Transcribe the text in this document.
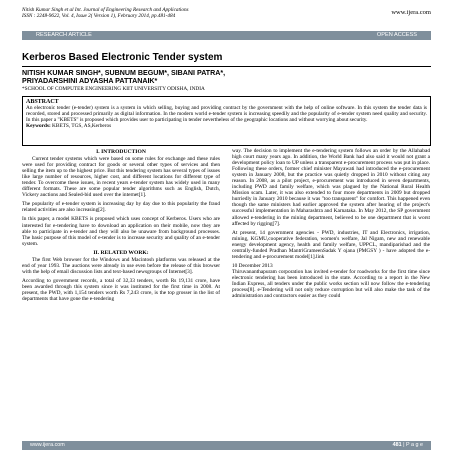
Nitish Kumar Singh et al Int. Journal of Engineering Research and Applications
ISSN : 2248-9622, Vol. 4, Issue 2( Version 1), February 2014, pp.481-484
www.ijera.com
RESEARCH ARTICLE	OPEN ACCESS
Kerberos Based Electronic Tender system
NITISH KUMAR SINGH*, SUBNUM BEGUM*, SIBANI PATRA*,
PRIYADARSHINI ADYASHA PATTANAIK*
*SCHOOL OF COMPUTER ENGINEERING KIIT UNIVERSITY ODISHA, INDIA
ABSTRACT
An electronic tender (e-tender) system is a system in which selling, buying and providing contract by the government with the help of online software. In this system the tender data is recorded, stored and processed primarily as digital information. In the modern world e-tender system is increasing speedily and the popularity of e-tender system need quality and security. In this paper a "KBETS" is proposed which provides user to participating in tender nevertheless of the geographic locations and without worrying about security.
Keywords: KBETS, TGS, AS,Kerberos
I. INTRODUCTION

Current tender systems which were based on some rules for exchange and these rules were used for providing contract for goods or several other types of services and then selling the item up to the highest price. But this tendering system has several types of issues like large number of resources, higher cost, and different locations for different type of tender. To overcome these issues, in recent years e-tender system has widely used in many different formats. These are some popular tender algorithms such as English, Dutch, Vickery auctions and Sealed-bid used over the internet[1].

The popularity of e-tender system is increasing day by day due to this popularity the fraud related activities are also increasing[2].

In this paper, a model KBETS is proposed which uses concept of Kerberos. Users who are interested for e-tendering have to download an application on their mobile, now they are able to participate in e-tender and they will also be unaware from background processes. The basic purpose of this model of e-tender is to increase security and quality of an e-tender system.

II. RELATED WORK:

The first Web browser for the Windows and Macintosh platforms was released at the end of year 1993. The auctions were already in use even before the release of this browser with the help of email discussion lists and text-based newsgroups of Internet[3].

According to government records, a total of 32,33 tenders, worth Rs 19,131 crore, have been awarded through this system since it was instituted for the first time in 2008. At present, the PWD, with 1,154 tenders worth Rs 7,243 crore, is the top grosser in the list of departments that have gone the e-tendering

way. The decision to implement the e-tendering system follows an order by the Allahabad high court many years ago. In addition, the World Bank had also said it would not grant a development policy loan to UP unless a transparent e-procurement process was put in place. Following these orders, former chief minister Mayawati had introduced the e-procurement system in January 2008, but the practice was quietly dropped in 2010 without citing any reason. In 2008, as a pilot project, e-procurement was introduced in seven departments, including PWD and family welfare, which was plagued by the National Rural Health Mission scam. Later, it was also extended to four more departments in 2009 but dropped hurriedly in January 2010 because it was "too transparent" for comfort. This happened even though the same ministers had earlier approved the system after hearing of the project's successful implementation in Maharashtra and Karnataka. In May 2012, the SP government allowed e-tendering in the mining department, believed to be one department that is worst affected by rigging[7].

At present, 14 government agencies - PWD, industries, IT and Electronics, irrigation, mining, KGMU,cooperative federation, women's welfare, Jal Nigam, new and renewable energy development agency, health and family welfare, UPPCL, mandiparishad and the centrally-funded Pradhan MantriGrameenSadak Y ojana (PMGSY ) - have adopted the e-tendering and e-procurement model[1].link

10 December 2013

Thiruvananthapuram corporation has invited e-tender for roadworks for the first time since electronic tendering has been introduced in the state. According to a report in the New Indian Express, all tenders under the public works section will now follow the e-tendering process[8]. e-Tendering will not only reduce corruption but will also make the task of the administration and contractors easier as they could

www.ijera.com	481 | P a g e
